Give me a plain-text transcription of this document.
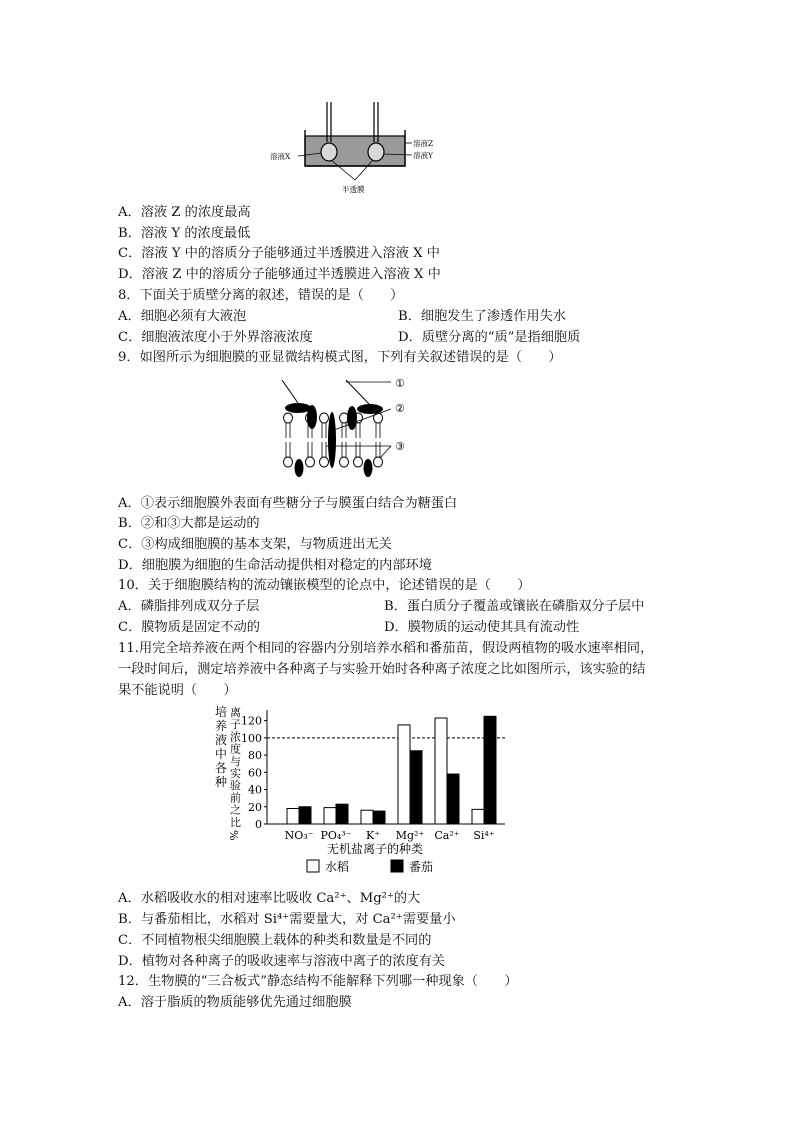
溶液X
溶液Z
溶液Y
半透膜
A．溶液 Z 的浓度最高
B．溶液 Y 的浓度最低
C．溶液 Y 中的溶质分子能够通过半透膜进入溶液 X 中
D．溶液 Z 中的溶质分子能够通过半透膜进入溶液 X 中
8．下面关于质壁分离的叙述，错误的是（　　）
A．细胞必须有大液泡	B．细胞发生了渗透作用失水
C．细胞液浓度小于外界溶液浓度	D．质壁分离的“质”是指细胞质
9．如图所示为细胞膜的亚显微结构模式图，下列有关叙述错误的是（　　）
①
②
③
A．①表示细胞膜外表面有些糖分子与膜蛋白结合为糖蛋白
B．②和③大都是运动的
C．③构成细胞膜的基本支架，与物质进出无关
D．细胞膜为细胞的生命活动提供相对稳定的内部环境
10．关于细胞膜结构的流动镶嵌模型的论点中，论述错误的是（　　）
A．磷脂排列成双分子层	B．蛋白质分子覆盖或镶嵌在磷脂双分子层中
C．膜物质是固定不动的	D．膜物质的运动使其具有流动性
11.用完全培养液在两个相同的容器内分别培养水稻和番茄苗，假设两植物的吸水速率相同，
一段时间后，测定培养液中各种离子与实验开始时各种离子浓度之比如图所示，该实验的结
果不能说明（　　）
培
养
液
中
各
种
离
子
浓
度
与
实
验
前
之
比
%
0
20
40
60
80
100
120
NO₃⁻ PO₄³⁻ K⁺ Mg²⁺ Ca²⁺ Si⁴⁺
无机盐离子的种类
水稻	番茄
A．水稻吸收水的相对速率比吸收 Ca²⁺、Mg²⁺的大
B．与番茄相比，水稻对 Si⁴⁺需要量大，对 Ca²⁺需要量小
C．不同植物根尖细胞膜上载体的种类和数量是不同的
D．植物对各种离子的吸收速率与溶液中离子的浓度有关
12．生物膜的“三合板式”静态结构不能解释下列哪一种现象（　　）
A．溶于脂质的物质能够优先通过细胞膜
